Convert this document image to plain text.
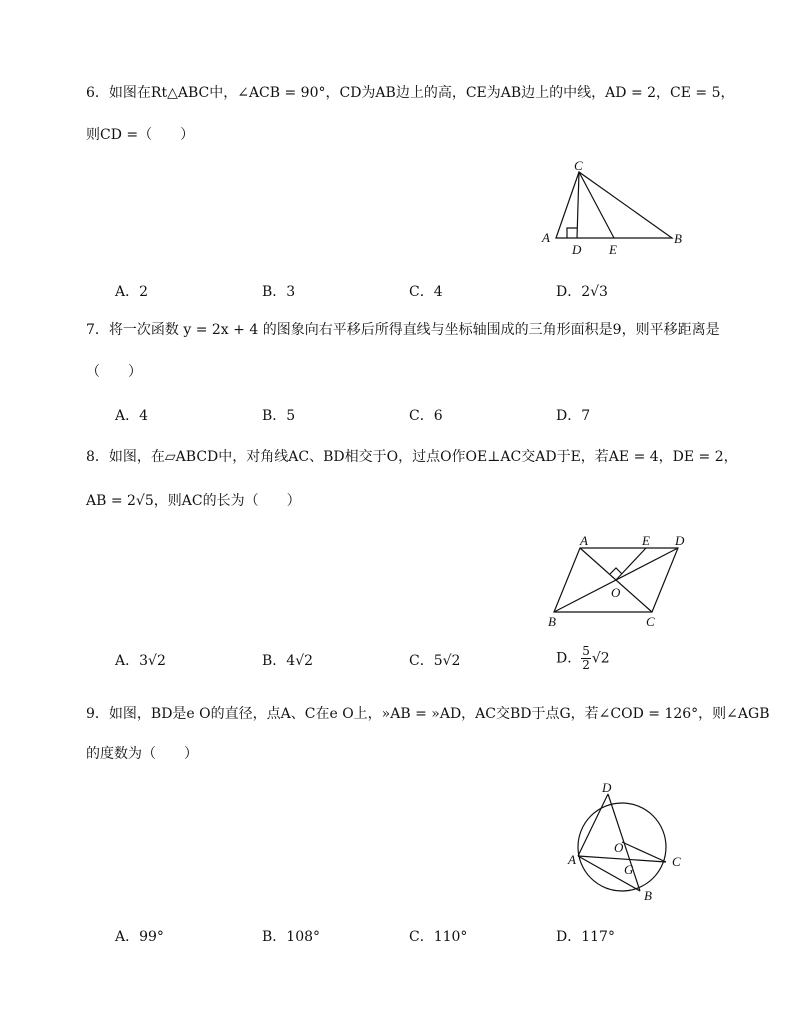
6．如图在Rt△ABC中，∠ACB = 90°，CD为AB边上的高，CE为AB边上的中线，AD = 2，CE = 5，
则CD =（　　）
C
A	B
D E
A．2	B．3	C．4	D．2√3
7．将一次函数 y = 2x + 4 的图象向右平移后所得直线与坐标轴围成的三角形面积是9，则平移距离是
（　　）
A．4	B．5	C．6	D．7
8．如图，在▱ABCD中，对角线AC、BD相交于O，过点O作OE⊥AC交AD于E，若AE = 4，DE = 2，
AB = 2√5，则AC的长为（　　）
A	E D
O
B	C
A．3√2	B．4√2	C．5√2	D． $\frac{5}{2} √2$
9．如图，BD是e O的直径，点A、C在e O上，»AB = »AD，AC交BD于点G，若∠COD = 126°，则∠AGB
的度数为（　　）
D
A	C
O
G
B
A．99°	B．108°	C．110°	D．117°
